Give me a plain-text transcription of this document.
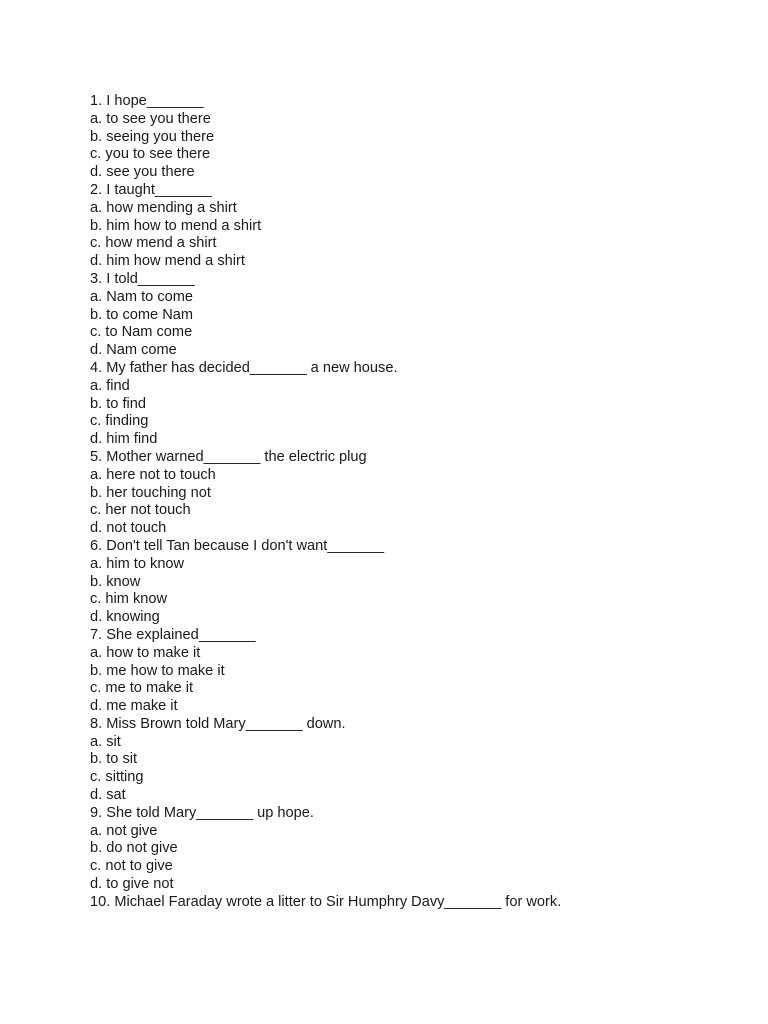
1. I hope_______
a. to see you there
b. seeing you there
c. you to see there
d. see you there
2. I taught_______
a. how mending a shirt
b. him how to mend a shirt
c. how mend a shirt
d. him how mend a shirt
3. I told_______
a. Nam to come
b. to come Nam
c. to Nam come
d. Nam come
4. My father has decided_______ a new house.
a. find
b. to find
c. finding
d. him find
5. Mother warned_______ the electric plug
a. here not to touch
b. her touching not
c. her not touch
d. not touch
6. Don't tell Tan because I don't want_______
a. him to know
b. know
c. him know
d. knowing
7. She explained_______
a. how to make it
b. me how to make it
c. me to make it
d. me make it
8. Miss Brown told Mary_______ down.
a. sit
b. to sit
c. sitting
d. sat
9. She told Mary_______ up hope.
a. not give
b. do not give
c. not to give
d. to give not
10. Michael Faraday wrote a litter to Sir Humphry Davy_______ for work.
